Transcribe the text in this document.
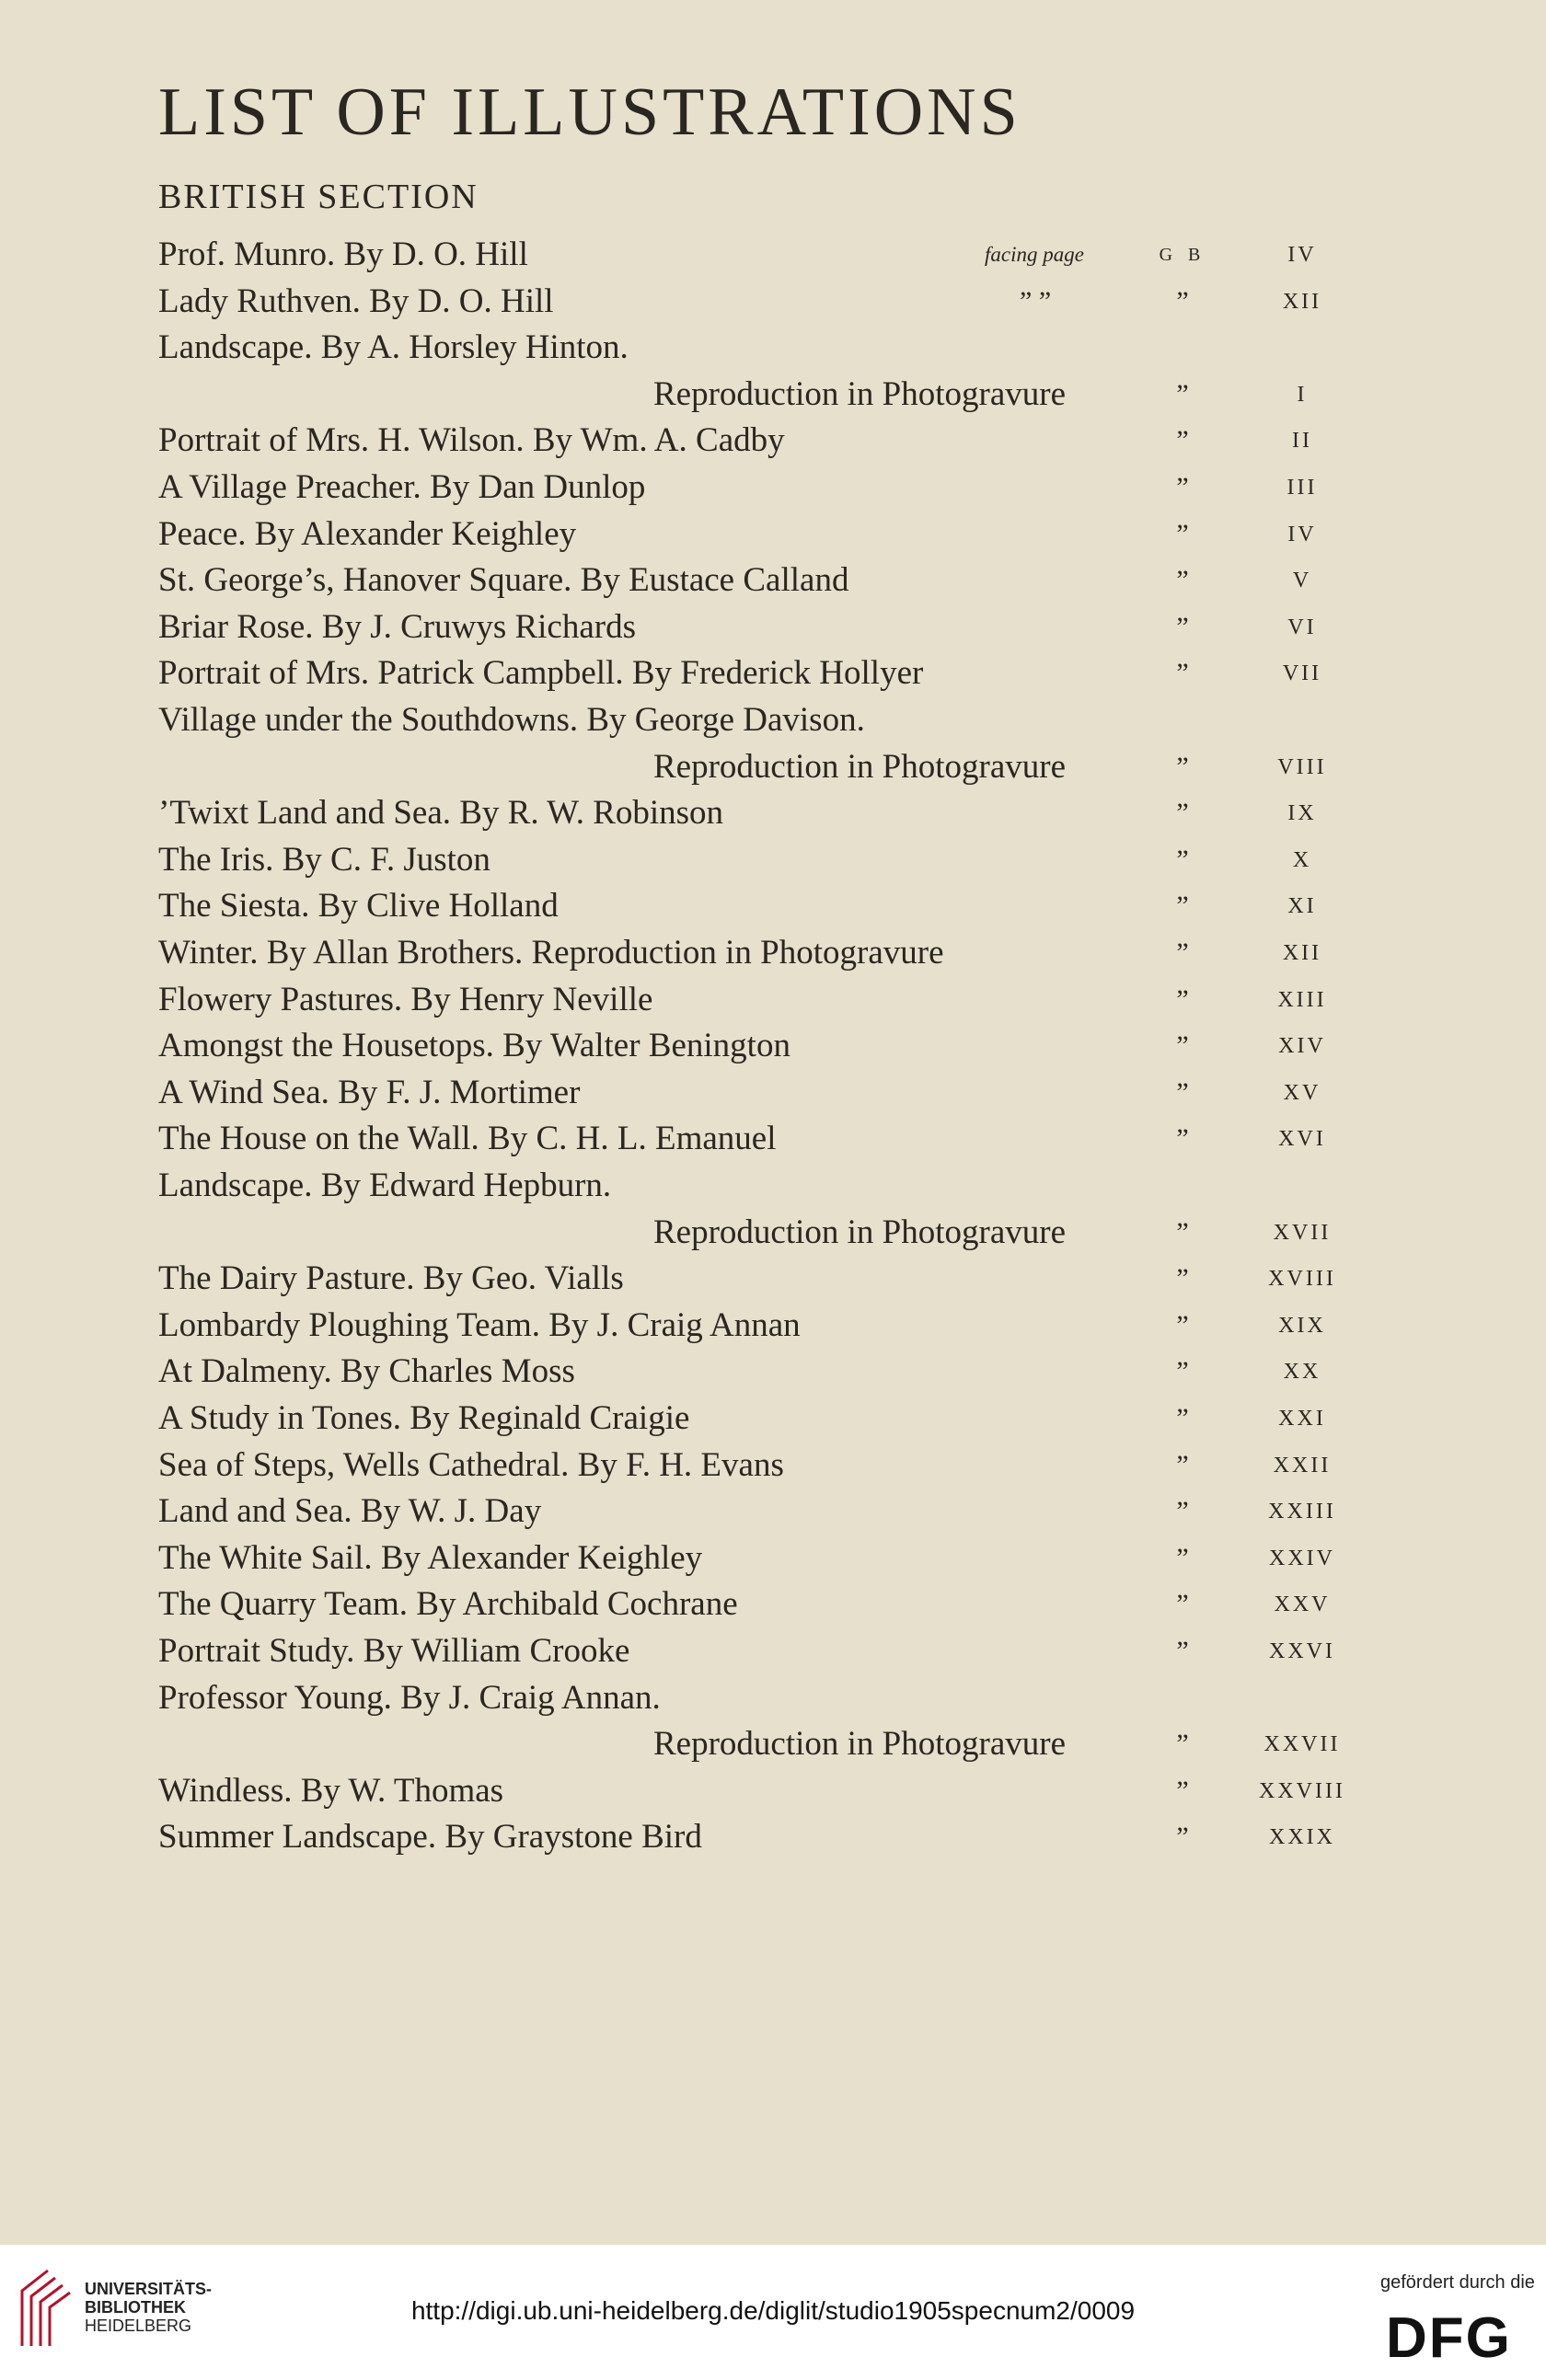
LIST OF ILLUSTRATIONS
BRITISH SECTION
Prof. Munro. By D. O. Hill	facing page	G B	IV
Lady Ruthven. By D. O. Hill	” ”	”	XII
Landscape. By A. Horsley Hinton.
Reproduction in Photogravure	”	I
Portrait of Mrs. H. Wilson. By Wm. A. Cadby	”	II
A Village Preacher. By Dan Dunlop	”	III
Peace. By Alexander Keighley	”	IV
St. George’s, Hanover Square. By Eustace Calland	”	V
Briar Rose. By J. Cruwys Richards	”	VI
Portrait of Mrs. Patrick Campbell. By Frederick Hollyer	”	VII
Village under the Southdowns. By George Davison.
Reproduction in Photogravure	”	VIII
’Twixt Land and Sea. By R. W. Robinson	”	IX
The Iris. By C. F. Juston	”	X
The Siesta. By Clive Holland	”	XI
Winter. By Allan Brothers. Reproduction in Photogravure	”	XII
Flowery Pastures. By Henry Neville	”	XIII
Amongst the Housetops. By Walter Benington	”	XIV
A Wind Sea. By F. J. Mortimer	”	XV
The House on the Wall. By C. H. L. Emanuel	”	XVI
Landscape. By Edward Hepburn.
Reproduction in Photogravure	”	XVII
The Dairy Pasture. By Geo. Vialls	”	XVIII
Lombardy Ploughing Team. By J. Craig Annan	”	XIX
At Dalmeny. By Charles Moss	”	XX
A Study in Tones. By Reginald Craigie	”	XXI
Sea of Steps, Wells Cathedral. By F. H. Evans	”	XXII
Land and Sea. By W. J. Day	”	XXIII
The White Sail. By Alexander Keighley	”	XXIV
The Quarry Team. By Archibald Cochrane	”	XXV
Portrait Study. By William Crooke	”	XXVI
Professor Young. By J. Craig Annan.
Reproduction in Photogravure	”	XXVII
Windless. By W. Thomas	”	XXVIII
Summer Landscape. By Graystone Bird	”	XXIX
UNIVERSITÄTS-
BIBLIOTHEK
HEIDELBERG
http://digi.ub.uni-heidelberg.de/diglit/studio1905specnum2/0009
gefördert durch die
DFG
